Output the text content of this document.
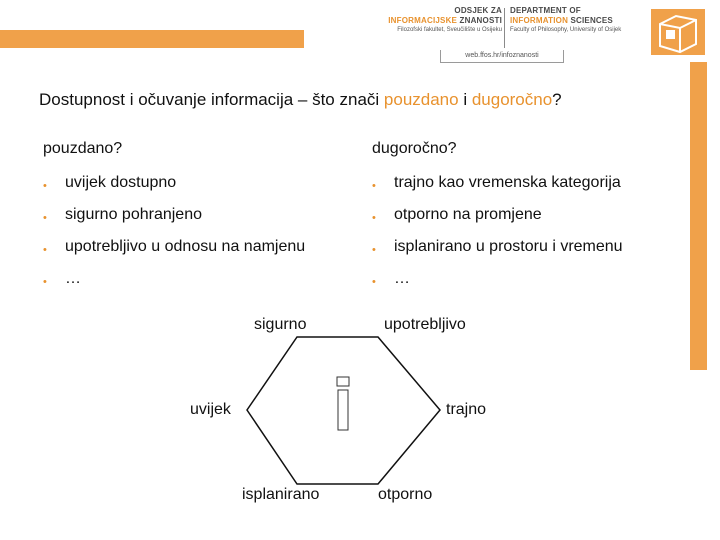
ODSJEK ZA
INFORMACIJSKE ZNANOSTI
Filozofski fakultet, Sveučilište u Osijeku
DEPARTMENT OF
INFORMATION SCIENCES
Faculty of Philosophy, University of Osijek
web.ffos.hr/infoznanosti
Dostupnost i očuvanje informacija – što znači pouzdano i dugoročno?
pouzdano?
• uvijek dostupno
• sigurno pohranjeno
• upotrebljivo u odnosu na namjenu
• …
dugoročno?
• trajno kao vremenska kategorija
• otporno na promjene
• isplanirano u prostoru i vremenu
• …
sigurno	upotrebljivo
uvijek	trajno
isplanirano	otporno
